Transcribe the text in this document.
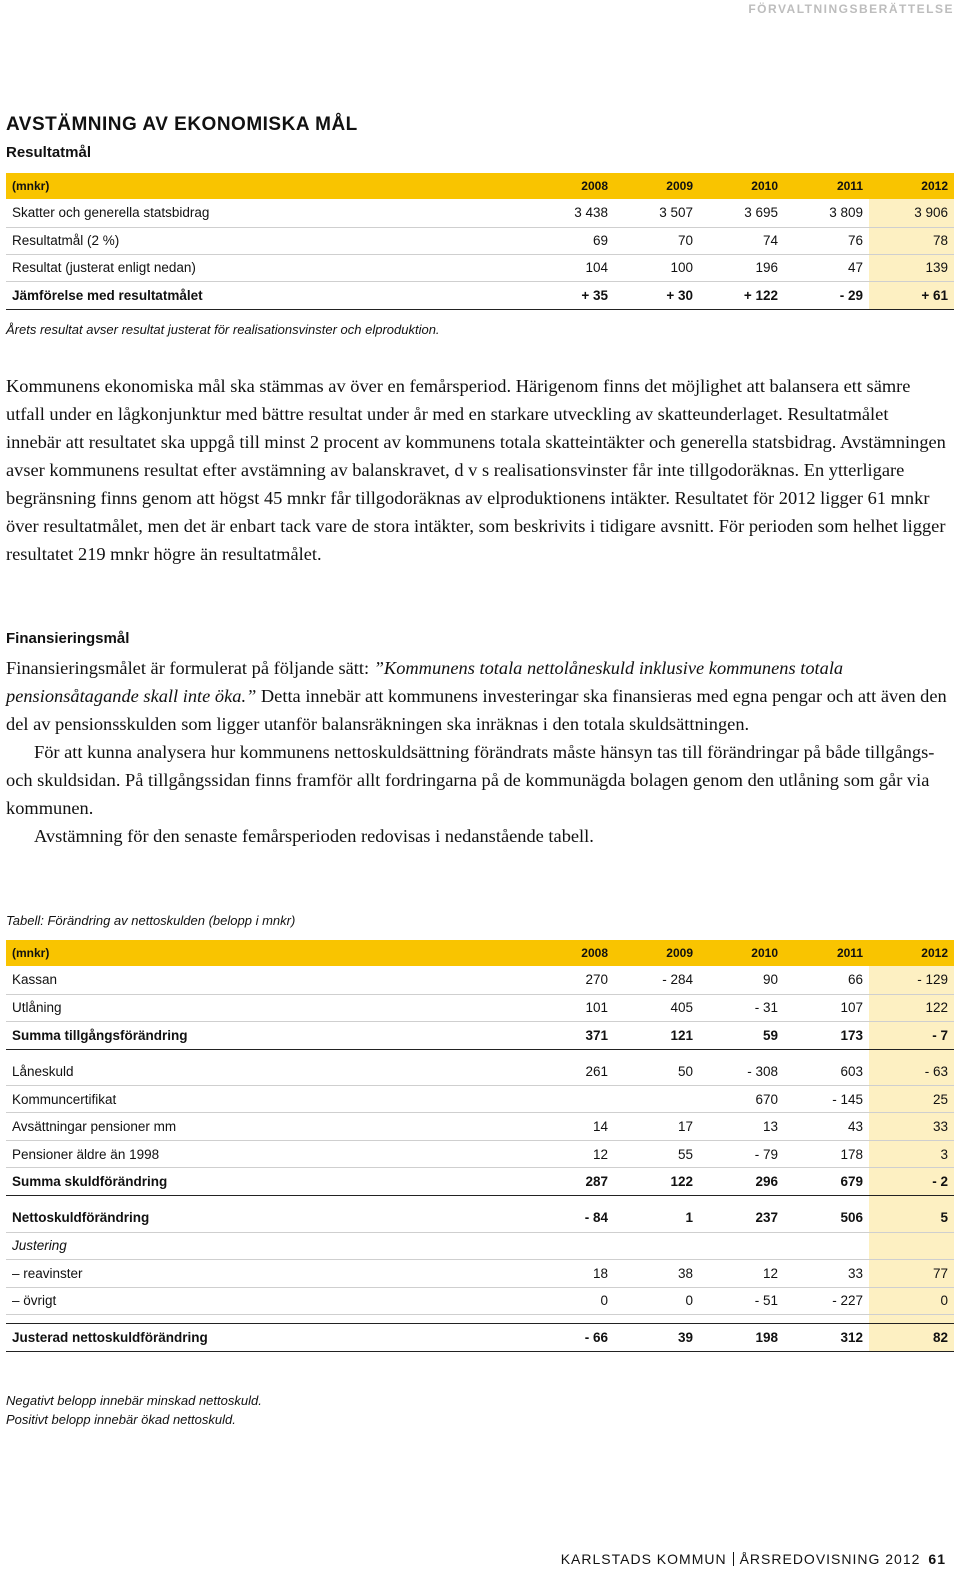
FÖRVALTNINGSBERÄTTELSE
AVSTÄMNING AV EKONOMISKA MÅL
Resultatmål
(mnkr)	2008	2009	2010	2011	2012
Skatter och generella statsbidrag	3 438	3 507	3 695	3 809	3 906
Resultatmål (2 %)	69	70	74	76	78
Resultat (justerat enligt nedan)	104	100	196	47	139
Jämförelse med resultatmålet	+ 35	+ 30	+ 122	- 29	+ 61
Årets resultat avser resultat justerat för realisationsvinster och elproduktion.

Kommunens ekonomiska mål ska stämmas av över en femårsperiod. Härigenom finns det möjlighet att balansera ett sämre utfall under en lågkonjunktur med bättre resultat under år med en starkare utveckling av skatteunderlaget. Resultatmålet innebär att resultatet ska uppgå till minst 2 procent av kommunens totala skatteintäkter och generella statsbidrag. Avstämningen avser kommunens resultat efter avstämning av balanskravet, d v s realisationsvinster får inte tillgodoräknas. En ytterligare begränsning finns genom att högst 45 mnkr får tillgodoräknas av elproduktionens intäkter. Resultatet för 2012 ligger 61 mnkr över resultatmålet, men det är enbart tack vare de stora intäkter, som beskrivits i tidigare avsnitt. För perioden som helhet ligger resultatet 219 mnkr högre än resultatmålet.

Finansieringsmål

Finansieringsmålet är formulerat på följande sätt: ”Kommunens totala nettolåneskuld inklusive kommunens totala pensionsåtagande skall inte öka.” Detta innebär att kommunens investeringar ska finansieras med egna pengar och att även den del av pensionsskulden som ligger utanför balansräkningen ska inräknas i den totala skuldsättningen.

För att kunna analysera hur kommunens nettoskuldsättning förändrats måste hänsyn tas till förändringar på både tillgångs- och skuldsidan. På tillgångssidan finns framför allt fordringarna på de kommunägda bolagen genom den utlåning som går via kommunen.

Avstämning för den senaste femårsperioden redovisas i nedanstående tabell.

Tabell: Förändring av nettoskulden (belopp i mnkr)
(mnkr)	2008	2009	2010	2011	2012
Kassan	270	- 284	90	66	- 129
Utlåning	101	405	- 31	107	122
Summa tillgångsförändring	371	121	59	173	- 7

Låneskuld	261	50	- 308	603	- 63
Kommuncertifikat			670	- 145	25
Avsättningar pensioner mm	14	17	13	43	33
Pensioner äldre än 1998	12	55	- 79	178	3
Summa skuldförändring	287	122	296	679	- 2

Nettoskuldförändring	- 84	1	237	506	5
Justering					
– reavinster	18	38	12	33	77
– övrigt	0	0	- 51	- 227	0

Justerad nettoskuldförändring	- 66	39	198	312	82
Negativt belopp innebär minskad nettoskuld.
Positivt belopp innebär ökad nettoskuld.
KARLSTADS KOMMUN ÅRSREDOVISNING 2012 61
